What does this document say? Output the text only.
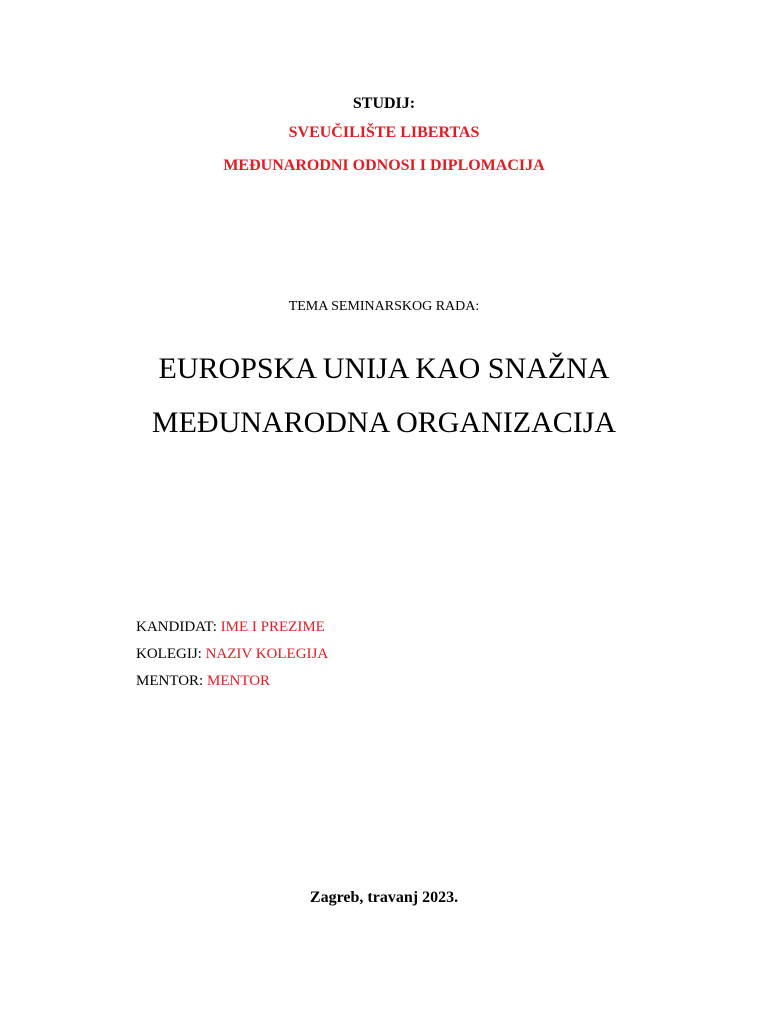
STUDIJ:
SVEUČILIŠTE LIBERTAS
MEĐUNARODNI ODNOSI I DIPLOMACIJA
TEMA SEMINARSKOG RADA:
EUROPSKA UNIJA KAO SNAŽNA
MEĐUNARODNA ORGANIZACIJA
KANDIDAT: IME I PREZIME
KOLEGIJ: NAZIV KOLEGIJA
MENTOR: MENTOR
Zagreb, travanj 2023.
